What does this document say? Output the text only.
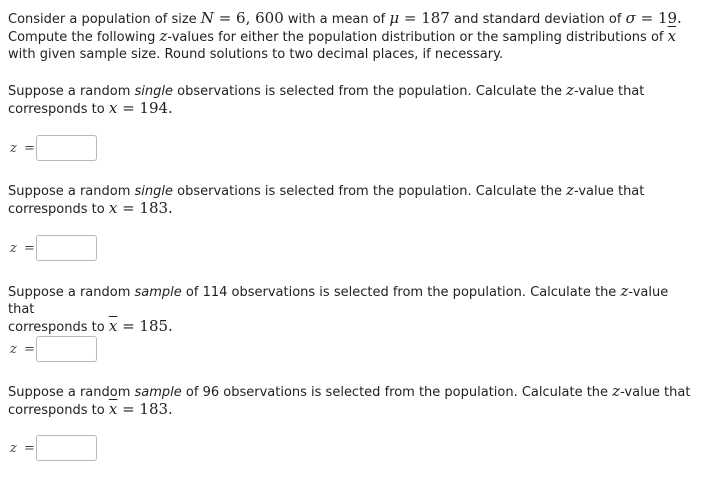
Consider a population of size N = 6, 600 with a mean of μ = 187 and standard deviation of σ = 19.
Compute the following z-values for either the population distribution or the sampling distributions of $\overline{x}$
with given sample size. Round solutions to two decimal places, if necessary.

Suppose a random single observations is selected from the population. Calculate the z-value that
corresponds to x = 194.

z =

Suppose a random single observations is selected from the population. Calculate the z-value that
corresponds to x = 183.

z =

Suppose a random sample of 114 observations is selected from the population. Calculate the z-value that
corresponds to $\overline{x} = 185$.

z =

Suppose a random sample of 96 observations is selected from the population. Calculate the z-value that
corresponds to $\overline{x} = 183$.

z =
